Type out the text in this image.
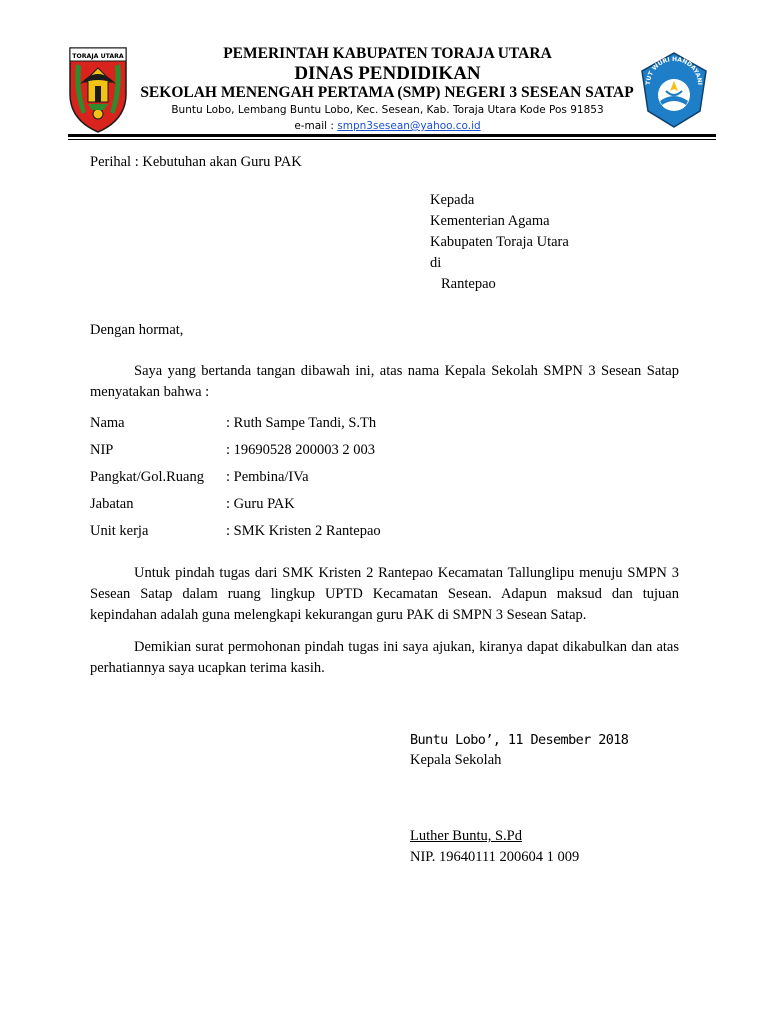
TORAJA UTARA	PEMERINTAH KABUPATEN TORAJA UTARA
DINAS PENDIDIKAN
SEKOLAH MENENGAH PERTAMA (SMP) NEGERI 3 SESEAN SATAP
Buntu Lobo, Lembang Buntu Lobo, Kec. Sesean, Kab. Toraja Utara Kode Pos 91853
e-mail : smpn3sesean@yahoo.co.id
TUT WURI HANDAYANI
Perihal : Kebutuhan akan Guru PAK
Kepada
Kementerian Agama
Kabupaten Toraja Utara
di
Rantepao
Dengan hormat,
Saya yang bertanda tangan dibawah ini, atas nama Kepala Sekolah SMPN 3 Sesean Satap menyatakan bahwa :
Nama	: Ruth Sampe Tandi, S.Th
NIP	: 19690528 200003 2 003
Pangkat/Gol.Ruang : Pembina/IVa
Jabatan	: Guru PAK
Unit kerja	: SMK Kristen 2 Rantepao
Untuk pindah tugas dari SMK Kristen 2 Rantepao Kecamatan Tallunglipu menuju SMPN 3 Sesean Satap dalam ruang lingkup UPTD Kecamatan Sesean. Adapun maksud dan tujuan kepindahan adalah guna melengkapi kekurangan guru PAK di SMPN 3 Sesean Satap.
Demikian surat permohonan pindah tugas ini saya ajukan, kiranya dapat dikabulkan dan atas perhatiannya saya ucapkan terima kasih.
Buntu Lobo’, 11 Desember 2018
Kepala Sekolah
Luther Buntu, S.Pd
NIP. 19640111 200604 1 009
